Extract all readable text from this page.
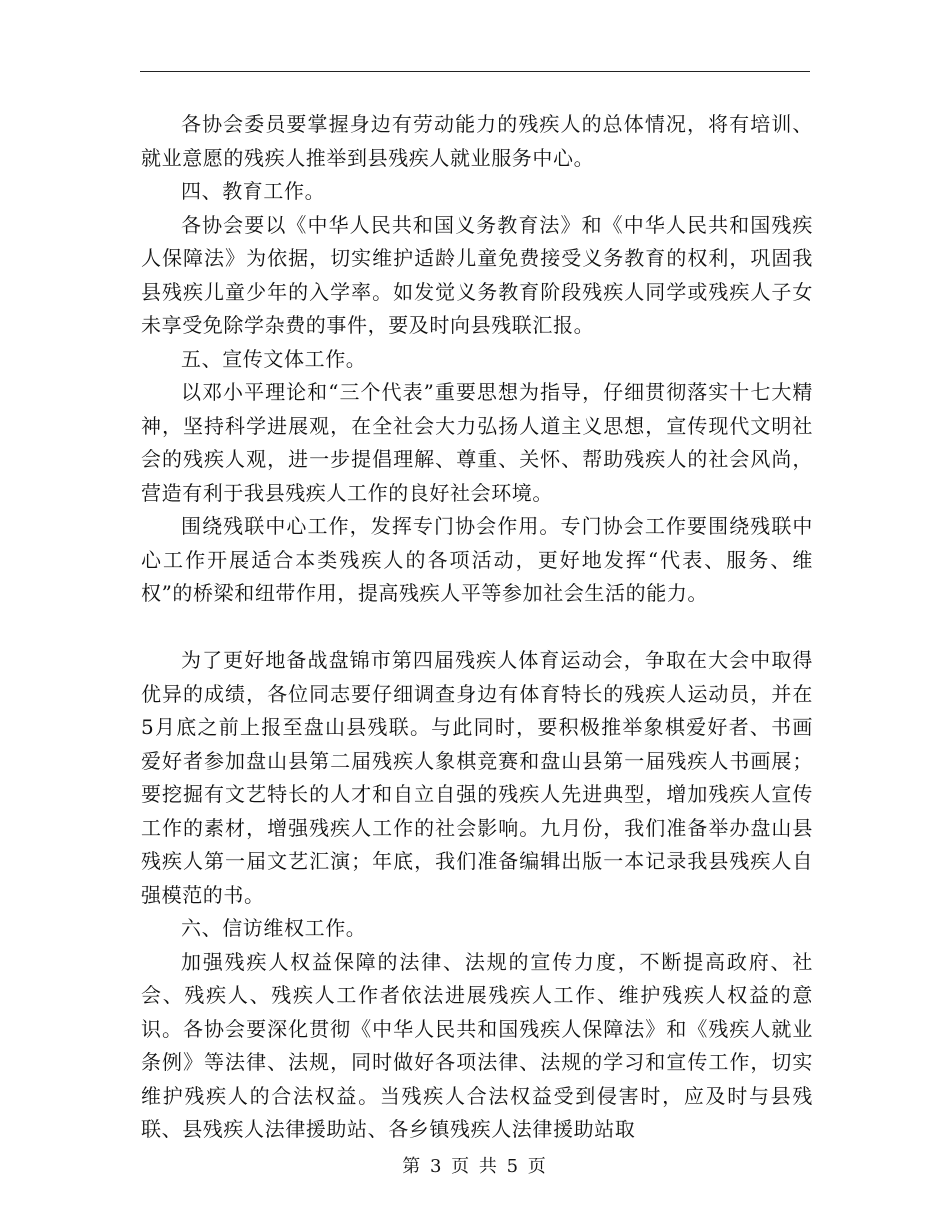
各协会委员要掌握身边有劳动能力的残疾人的总体情况，将有培训、就业意愿的残疾人推举到县残疾人就业服务中心。

四、教育工作。

各协会要以《中华人民共和国义务教育法》和《中华人民共和国残疾人保障法》为依据，切实维护适龄儿童免费接受义务教育的权利，巩固我县残疾儿童少年的入学率。如发觉义务教育阶段残疾人同学或残疾人子女未享受免除学杂费的事件，要及时向县残联汇报。

五、宣传文体工作。

以邓小平理论和“三个代表”重要思想为指导，仔细贯彻落实十七大精神，坚持科学进展观，在全社会大力弘扬人道主义思想，宣传现代文明社会的残疾人观，进一步提倡理解、尊重、关怀、帮助残疾人的社会风尚，营造有利于我县残疾人工作的良好社会环境。

围绕残联中心工作，发挥专门协会作用。专门协会工作要围绕残联中心工作开展适合本类残疾人的各项活动，更好地发挥“代表、服务、维权”的桥梁和纽带作用，提高残疾人平等参加社会生活的能力。

为了更好地备战盘锦市第四届残疾人体育运动会，争取在大会中取得优异的成绩，各位同志要仔细调查身边有体育特长的残疾人运动员，并在5月底之前上报至盘山县残联。与此同时，要积极推举象棋爱好者、书画爱好者参加盘山县第二届残疾人象棋竞赛和盘山县第一届残疾人书画展；要挖掘有文艺特长的人才和自立自强的残疾人先进典型，增加残疾人宣传工作的素材，增强残疾人工作的社会影响。九月份，我们准备举办盘山县残疾人第一届文艺汇演；年底，我们准备编辑出版一本记录我县残疾人自强模范的书。

六、信访维权工作。

加强残疾人权益保障的法律、法规的宣传力度，不断提高政府、社会、残疾人、残疾人工作者依法进展残疾人工作、维护残疾人权益的意识。各协会要深化贯彻《中华人民共和国残疾人保障法》和《残疾人就业条例》等法律、法规，同时做好各项法律、法规的学习和宣传工作，切实维护残疾人的合法权益。当残疾人合法权益受到侵害时，应及时与县残联、县残疾人法律援助站、各乡镇残疾人法律援助站取

第 3 页 共 5 页
